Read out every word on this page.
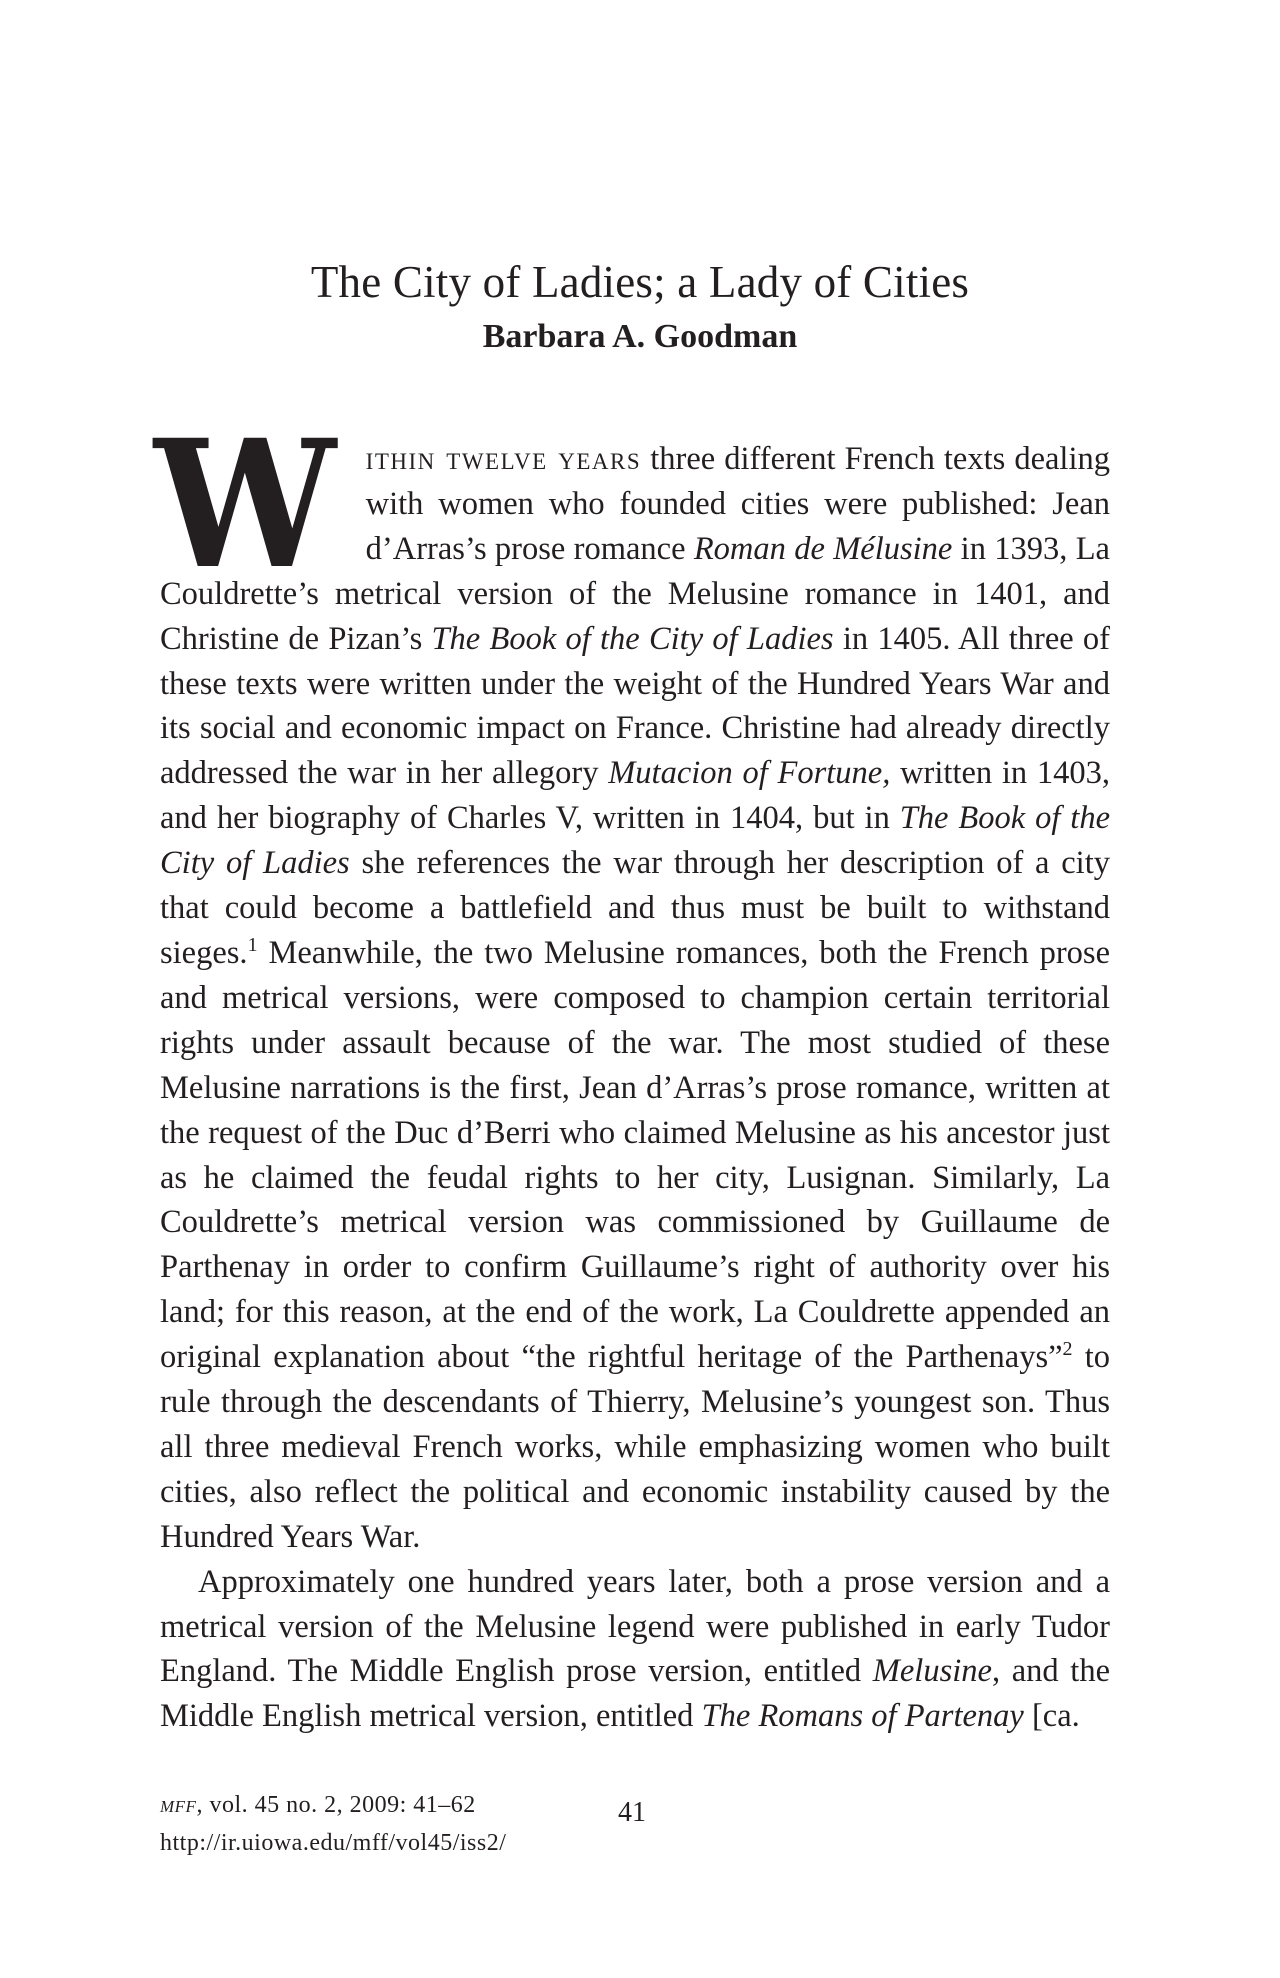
The City of Ladies; a Lady of Cities
Barbara A. Goodman

Within twelve years three different French texts dealing with women who founded cities were published: Jean d’Arras’s prose romance Roman de Mélusine in 1393, La Couldrette’s metrical version of the Melusine romance in 1401, and Christine de Pizan’s The Book of the City of Ladies in 1405. All three of these texts were written under the weight of the Hundred Years War and its social and economic impact on France. Christine had already directly addressed the war in her allegory Mutacion of Fortune, written in 1403, and her biography of Charles V, written in 1404, but in The Book of the City of Ladies she references the war through her description of a city that could become a battlefield and thus must be built to withstand sieges.$^1$ Meanwhile, the two Melusine romances, both the French prose and metrical versions, were composed to champion certain territorial rights under assault because of the war. The most studied of these Melusine narrations is the first, Jean d’Arras’s prose romance, written at the request of the Duc d’Berri who claimed Melusine as his ancestor just as he claimed the feudal rights to her city, Lusignan. Similarly, La Couldrette’s metrical version was commissioned by Guillaume de Parthenay in order to confirm Guillaume’s right of authority over his land; for this reason, at the end of the work, La Couldrette appended an original explanation about “the rightful heritage of the Parthenays”$^2$ to rule through the descendants of Thierry, Melusine’s youngest son. Thus all three medieval French works, while emphasizing women who built cities, also reflect the political and economic instability caused by the Hundred Years War.

Approximately one hundred years later, both a prose version and a metrical version of the Melusine legend were published in early Tudor England. The Middle English prose version, entitled Melusine, and the Middle English metrical version, entitled The Romans of Partenay [ca.

mff, vol. 45 no. 2, 2009: 41–62
http://ir.uiowa.edu/mff/vol45/iss2/
41
